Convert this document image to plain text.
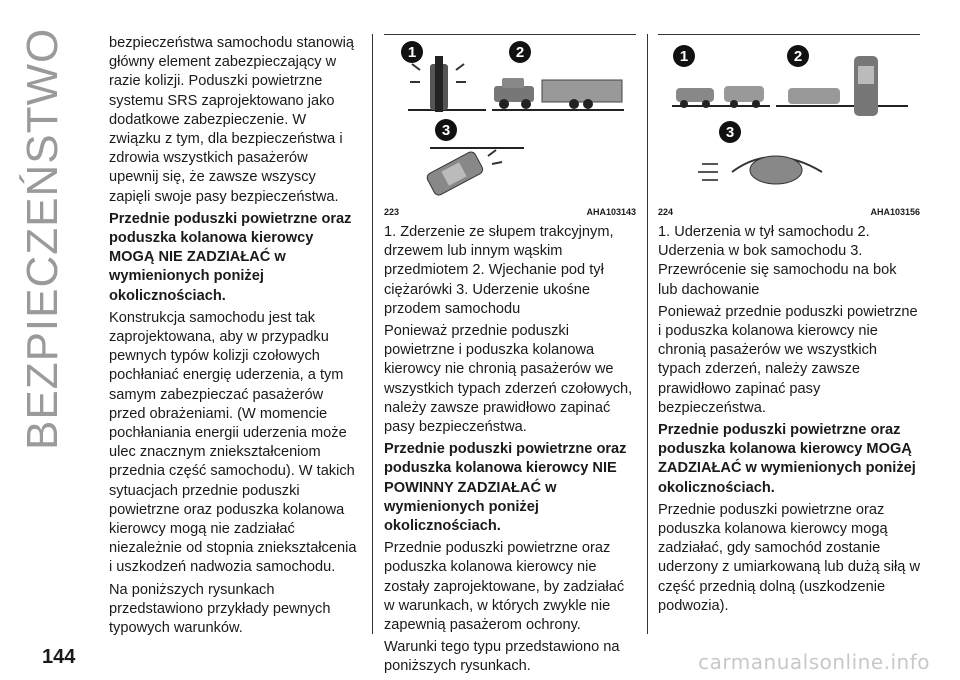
BEZPIECZEŃSTWO	bezpieczeństwa samochodu stanowią główny element zabezpieczający w razie kolizji. Poduszki powietrzne systemu SRS zaprojektowano jako dodatkowe zabezpieczenie. W związku z tym, dla bezpieczeństwa i zdrowia wszystkich pasażerów upewnij się, że zawsze wszyscy zapięli swoje pasy bezpieczeństwa.

Przednie poduszki powietrzne oraz poduszka kolanowa kierowcy MOGĄ NIE ZADZIAŁAĆ w wymienionych poniżej okolicznościach.

Konstrukcja samochodu jest tak zaprojektowana, aby w przypadku pewnych typów kolizji czołowych pochłaniać energię uderzenia, a tym samym zabezpieczać pasażerów przed obrażeniami. (W momencie pochłaniania energii uderzenia może ulec znacznym zniekształceniom przednia część samochodu). W takich sytuacjach przednie poduszki powietrzne oraz poduszka kolanowa kierowcy mogą nie zadziałać niezależnie od stopnia zniekształcenia i uszkodzeń nadwozia samochodu.

Na poniższych rysunkach przedstawiono przykłady pewnych typowych warunków.

1	2
3
223	AHA103143
1	2
3
224	AHA103156

1. Zderzenie ze słupem trakcyjnym, drzewem lub innym wąskim przedmiotem 2. Wjechanie pod tył ciężarówki 3. Uderzenie ukośne przodem samochodu

Ponieważ przednie poduszki powietrzne i poduszka kolanowa kierowcy nie chronią pasażerów we wszystkich typach zderzeń czołowych, należy zawsze prawidłowo zapinać pasy bezpieczeństwa.

Przednie poduszki powietrzne oraz poduszka kolanowa kierowcy NIE POWINNY ZADZIAŁAĆ w wymienionych poniżej okolicznościach.

Przednie poduszki powietrzne oraz poduszka kolanowa kierowcy nie zostały zaprojektowane, by zadziałać w warunkach, w których zwykle nie zapewnią pasażerom ochrony.

Warunki tego typu przedstawiono na poniższych rysunkach.

1. Uderzenia w tył samochodu 2. Uderzenia w bok samochodu 3. Przewrócenie się samochodu na bok lub dachowanie

Ponieważ przednie poduszki powietrzne i poduszka kolanowa kierowcy nie chronią pasażerów we wszystkich typach zderzeń, należy zawsze prawidłowo zapinać pasy bezpieczeństwa.

Przednie poduszki powietrzne oraz poduszka kolanowa kierowcy MOGĄ ZADZIAŁAĆ w wymienionych poniżej okolicznościach.

Przednie poduszki powietrzne oraz poduszka kolanowa kierowcy mogą zadziałać, gdy samochód zostanie uderzony z umiarkowaną lub dużą siłą w część przednią dolną (uszkodzenie podwozia).

144	carmanualsonline.info
